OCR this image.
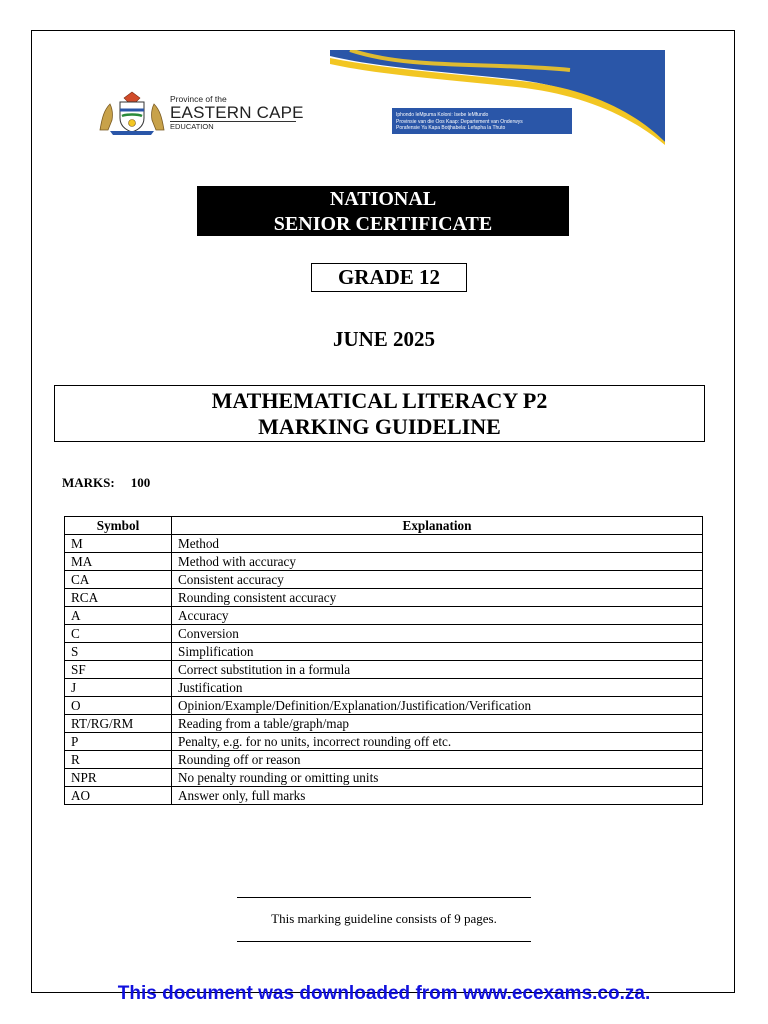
Province of the
EASTERN CAPE
EDUCATION
Iphondo leMpuma Koloni: Isebe leMfundo
Provinsie van die Oos Kaap: Departement van Onderwys
Porafensie Ya Kapa Botjhabela: Lefapha la Thuto
NATIONAL
SENIOR CERTIFICATE
GRADE 12
JUNE 2025
MATHEMATICAL LITERACY P2
MARKING GUIDELINE
MARKS: 100
Symbol	Explanation
M	Method
MA	Method with accuracy
CA	Consistent accuracy
RCA	Rounding consistent accuracy
A	Accuracy
C	Conversion
S	Simplification
SF	Correct substitution in a formula
J	Justification
O	Opinion/Example/Definition/Explanation/Justification/Verification
RT/RG/RM	Reading from a table/graph/map
P	Penalty, e.g. for no units, incorrect rounding off etc.
R	Rounding off or reason
NPR	No penalty rounding or omitting units
AO	Answer only, full marks
This marking guideline consists of 9 pages.
This document was downloaded from www.ecexams.co.za.
